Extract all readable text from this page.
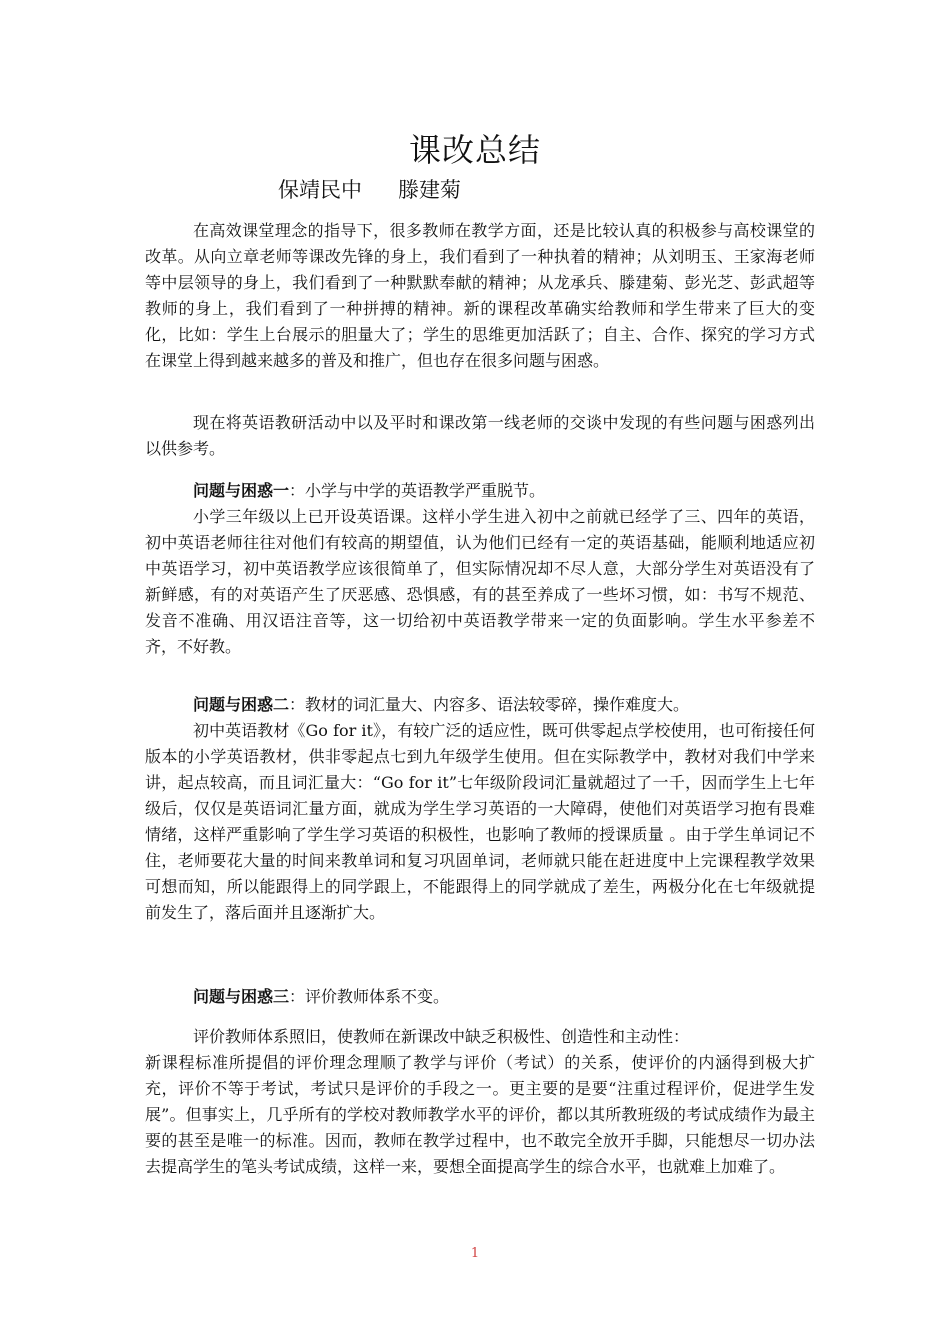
课改总结
保靖民中 滕建菊

在高效课堂理念的指导下，很多教师在教学方面，还是比较认真的积极参与高校课堂的改革。从向立章老师等课改先锋的身上，我们看到了一种执着的精神；从刘明玉、王家海老师等中层领导的身上，我们看到了一种默默奉献的精神；从龙承兵、滕建菊、彭光芝、彭武超等教师的身上，我们看到了一种拼搏的精神。新的课程改革确实给教师和学生带来了巨大的变化，比如：学生上台展示的胆量大了；学生的思维更加活跃了；自主、合作、探究的学习方式在课堂上得到越来越多的普及和推广，但也存在很多问题与困惑。

现在将英语教研活动中以及平时和课改第一线老师的交谈中发现的有些问题与困惑列出以供参考。

问题与困惑一：小学与中学的英语教学严重脱节。

小学三年级以上已开设英语课。这样小学生进入初中之前就已经学了三、四年的英语，初中英语老师往往对他们有较高的期望值，认为他们已经有一定的英语基础，能顺利地适应初中英语学习，初中英语教学应该很简单了，但实际情况却不尽人意，大部分学生对英语没有了新鲜感，有的对英语产生了厌恶感、恐惧感，有的甚至养成了一些坏习惯，如：书写不规范、发音不准确、用汉语注音等，这一切给初中英语教学带来一定的负面影响。学生水平参差不齐，不好教。

问题与困惑二：教材的词汇量大、内容多、语法较零碎，操作难度大。

初中英语教材《Go for it》，有较广泛的适应性，既可供零起点学校使用，也可衔接任何版本的小学英语教材，供非零起点七到九年级学生使用。但在实际教学中，教材对我们中学来讲，起点较高，而且词汇量大：“Go for it”七年级阶段词汇量就超过了一千，因而学生上七年级后，仅仅是英语词汇量方面，就成为学生学习英语的一大障碍，使他们对英语学习抱有畏难情绪，这样严重影响了学生学习英语的积极性，也影响了教师的授课质量 。由于学生单词记不住，老师要花大量的时间来教单词和复习巩固单词，老师就只能在赶进度中上完课程教学效果可想而知，所以能跟得上的同学跟上，不能跟得上的同学就成了差生，两极分化在七年级就提前发生了，落后面并且逐渐扩大。

问题与困惑三：评价教师体系不变。

评价教师体系照旧，使教师在新课改中缺乏积极性、创造性和主动性：

新课程标准所提倡的评价理念理顺了教学与评价（考试）的关系，使评价的内涵得到极大扩充，评价不等于考试，考试只是评价的手段之一。更主要的是要“注重过程评价，促进学生发展”。但事实上，几乎所有的学校对教师教学水平的评价，都以其所教班级的考试成绩作为最主要的甚至是唯一的标准。因而，教师在教学过程中，也不敢完全放开手脚，只能想尽一切办法去提高学生的笔头考试成绩，这样一来，要想全面提高学生的综合水平，也就难上加难了。

1
